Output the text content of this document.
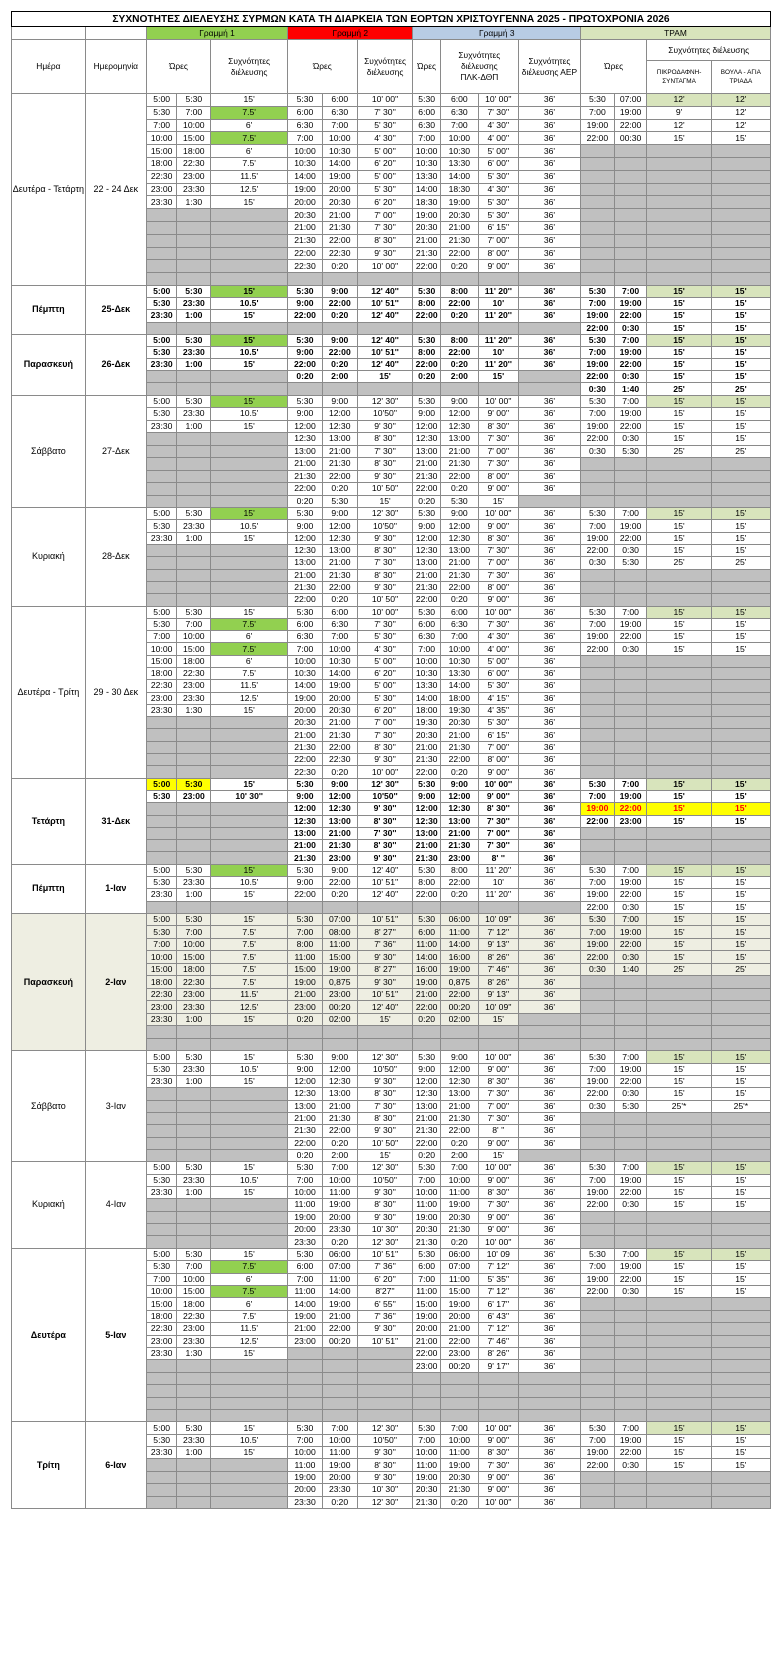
ΣΥΧΝΟΤΗΤΕΣ ΔΙΕΛΕΥΣΗΣ ΣΥΡΜΩΝ ΚΑΤΑ ΤΗ ΔΙΑΡΚΕΙΑ ΤΩΝ ΕΟΡΤΩΝ ΧΡΙΣΤΟΥΓΕΝΝΑ 2025 - ΠΡΩΤΟΧΡΟΝΙΑ 2026															
		Γραμμή 1			Γραμμή 2			Γραμμή 3				ΤΡΑΜ			
Ημέρα	Ημερομηνία	Ώρες		Συχνότητες διέλευσης	Ώρες		Συχνότητες διέλευσης	Ώρες	Συχνότητες διέλευσης
ΠΛΚ-ΔΘΠ		Συχνότητες διέλευσης ΑΕΡ	Ώρες		Συχνότητες διέλευσης	
														ΠΙΚΡΟΔΑΦΝΗ-ΣΥΝΤΑΓΜΑ	ΒΟΥΛΑ - ΑΓΙΑ ΤΡΙΑΔΑ
Δευτέρα - Τετάρτη	22 - 24 Δεκ	5:00	5:30	15'	5:30	6:00	10' 00''	5:30	6:00	10' 00''	36'	5:30	07:00	12'	12'
		5:30	7:00	7.5'	6:00	6:30	7' 30''	6:00	6:30	7' 30''	36'	7:00	19:00	9'	12'
		7:00	10:00	6'	6:30	7:00	5' 30''	6:30	7:00	4' 30''	36'	19:00	22:00	12'	12'
		10:00	15:00	7.5'	7:00	10:00	4' 30''	7:00	10:00	4' 00''	36'	22:00	00:30	15'	15'
		15:00	18:00	6'	10:00	10:30	5' 00''	10:00	10:30	5' 00''	36'				
		18:00	22:30	7.5'	10:30	14:00	6' 20''	10:30	13:30	6' 00''	36'				
		22:30	23:00	11.5'	14:00	19:00	5' 00''	13:30	14:00	5' 30''	36'				
		23:00	23:30	12.5'	19:00	20:00	5' 30''	14:00	18:30	4' 30''	36'				
		23:30	1:30	15'	20:00	20:30	6' 20''	18:30	19:00	5' 30''	36'				
					20:30	21:00	7' 00''	19:00	20:30	5' 30''	36'				
					21:00	21:30	7' 30''	20:30	21:00	6' 15''	36'				
					21:30	22:00	8' 30''	21:00	21:30	7' 00''	36'				
					22:00	22:30	9' 30''	21:30	22:00	8' 00''	36'				
					22:30	0:20	10' 00''	22:00	0:20	9' 00''	36'				

Πέμπτη	25-Δεκ	5:00	5:30	15'	5:30	9:00	12' 40''	5:30	8:00	11' 20''	36'	5:30	7:00	15'	15'
		5:30	23:30	10.5'	9:00	22:00	10' 51''	8:00	22:00	10'	36'	7:00	19:00	15'	15'
		23:30	1:00	15'	22:00	0:20	12' 40''	22:00	0:20	11' 20''	36'	19:00	22:00	15'	15'
												22:00	0:30	15'	15'
Παρασκευή	26-Δεκ	5:00	5:30	15'	5:30	9:00	12' 40''	5:30	8:00	11' 20''	36'	5:30	7:00	15'	15'
		5:30	23:30	10.5'	9:00	22:00	10' 51''	8:00	22:00	10'	36'	7:00	19:00	15'	15'
		23:30	1:00	15'	22:00	0:20	12' 40''	22:00	0:20	11' 20''	36'	19:00	22:00	15'	15'
					0:20	2:00	15'	0:20	2:00	15'		22:00	0:30	15'	15'
												0:30	1:40	25'	25'
Σάββατο	27-Δεκ	5:00	5:30	15'	5:30	9:00	12' 30''	5:30	9:00	10' 00''	36'	5:30	7:00	15'	15'
		5:30	23:30	10.5'	9:00	12:00	10'50''	9:00	12:00	9' 00''	36'	7:00	19:00	15'	15'
		23:30	1:00	15'	12:00	12:30	9' 30''	12:00	12:30	8' 30''	36'	19:00	22:00	15'	15'
					12:30	13:00	8' 30''	12:30	13:00	7' 30''	36'	22:00	0:30	15'	15'
					13:00	21:00	7' 30''	13:00	21:00	7' 00''	36'	0:30	5:30	25'	25'
					21:00	21:30	8' 30''	21:00	21:30	7' 30''	36'				
					21:30	22:00	9' 30''	21:30	22:00	8' 00''	36'				
					22:00	0:20	10' 50''	22:00	0:20	9' 00''	36'				
					0:20	5:30	15'	0:20	5:30	15'					
Κυριακή	28-Δεκ	5:00	5:30	15'	5:30	9:00	12' 30''	5:30	9:00	10' 00''	36'	5:30	7:00	15'	15'
		5:30	23:30	10.5'	9:00	12:00	10'50''	9:00	12:00	9' 00''	36'	7:00	19:00	15'	15'
		23:30	1:00	15'	12:00	12:30	9' 30''	12:00	12:30	8' 30''	36'	19:00	22:00	15'	15'
					12:30	13:00	8' 30''	12:30	13:00	7' 30''	36'	22:00	0:30	15'	15'
					13:00	21:00	7' 30''	13:00	21:00	7' 00''	36'	0:30	5:30	25'	25'
					21:00	21:30	8' 30''	21:00	21:30	7' 30''	36'				
					21:30	22:00	9' 30''	21:30	22:00	8' 00''	36'				
					22:00	0:20	10' 50''	22:00	0:20	9' 00''	36'				
Δευτέρα - Τρίτη	29 - 30 Δεκ	5:00	5:30	15'	5:30	6:00	10' 00''	5:30	6:00	10' 00''	36'	5:30	7:00	15'	15'
		5:30	7:00	7.5'	6:00	6:30	7' 30''	6:00	6:30	7' 30''	36'	7:00	19:00	15'	15'
		7:00	10:00	6'	6:30	7:00	5' 30''	6:30	7:00	4' 30''	36'	19:00	22:00	15'	15'
		10:00	15:00	7.5'	7:00	10:00	4' 30''	7:00	10:00	4' 00''	36'	22:00	0:30	15'	15'
		15:00	18:00	6'	10:00	10:30	5' 00''	10:00	10:30	5' 00''	36'				
		18:00	22:30	7.5'	10:30	14:00	6' 20''	10:30	13:30	6' 00''	36'				
		22:30	23:00	11.5'	14:00	19:00	5' 00''	13:30	14:00	5' 30''	36'				
		23:00	23:30	12.5'	19:00	20:00	5' 30''	14:00	18:00	4' 15''	36'				
		23:30	1:30	15'	20:00	20:30	6' 20''	18:00	19:30	4' 35''	36'				
					20:30	21:00	7' 00''	19:30	20:30	5' 30''	36'				
					21:00	21:30	7' 30''	20:30	21:00	6' 15''	36'				
					21:30	22:00	8' 30''	21:00	21:30	7' 00''	36'				
					22:00	22:30	9' 30''	21:30	22:00	8' 00''	36'				
					22:30	0:20	10' 00''	22:00	0:20	9' 00''	36'				
Τετάρτη	31-Δεκ	5:00	5:30	15'	5:30	9:00	12' 30''	5:30	9:00	10' 00''	36'	5:30	7:00	15'	15'
		5:30	23:00	10' 30''	9:00	12:00	10'50''	9:00	12:00	9' 00''	36'	7:00	19:00	15'	15'
					12:00	12:30	9' 30''	12:00	12:30	8' 30''	36'	19:00	22:00	15'	15'
					12:30	13:00	8' 30''	12:30	13:00	7' 30''	36'	22:00	23:00	15'	15'
					13:00	21:00	7' 30''	13:00	21:00	7' 00''	36'				
					21:00	21:30	8' 30''	21:00	21:30	7' 30''	36'				
					21:30	23:00	9' 30''	21:30	23:00	8' ''	36'				
Πέμπτη	1-Ιαν	5:00	5:30	15'	5:30	9:00	12' 40''	5:30	8:00	11' 20''	36'	5:30	7:00	15'	15'
		5:30	23:30	10.5'	9:00	22:00	10' 51''	8:00	22:00	10'	36'	7:00	19:00	15'	15'
		23:30	1:00	15'	22:00	0:20	12' 40''	22:00	0:20	11' 20''	36'	19:00	22:00	15'	15'
												22:00	0:30	15'	15'
Παρασκευή	2-Ιαν	5:00	5:30	15'	5:30	07:00	10' 51''	5:30	06:00	10' 09''	36'	5:30	7:00	15'	15'
		5:30	7:00	7.5'	7:00	08:00	8' 27''	6:00	11:00	7' 12''	36'	7:00	19:00	15'	15'
		7:00	10:00	7.5'	8:00	11:00	7' 36''	11:00	14:00	9' 13''	36'	19:00	22:00	15'	15'
		10:00	15:00	7.5'	11:00	15:00	9' 30''	14:00	16:00	8' 26''	36'	22:00	0:30	15'	15'
		15:00	18:00	7.5'	15:00	19:00	8' 27''	16:00	19:00	7' 46''	36'	0:30	1:40	25'	25'
		18:00	22:30	7.5'	19:00	0,875	9' 30''	19:00	0,875	8' 26''	36'				
		22:30	23:00	11.5'	21:00	23:00	10' 51''	21:00	22:00	9' 13''	36'				
		23:00	23:30	12.5'	23:00	00:20	12' 40''	22:00	00:20	10' 09''	36'				
		23:30	1:00	15'	0:20	02:00	15'	0:20	02:00	15'					

Σάββατο	3-Ιαν	5:00	5:30	15'	5:30	9:00	12' 30''	5:30	9:00	10' 00''	36'	5:30	7:00	15'	15'
		5:30	23:30	10.5'	9:00	12:00	10'50''	9:00	12:00	9' 00''	36'	7:00	19:00	15'	15'
		23:30	1:00	15'	12:00	12:30	9' 30''	12:00	12:30	8' 30''	36'	19:00	22:00	15'	15'
					12:30	13:00	8' 30''	12:30	13:00	7' 30''	36'	22:00	0:30	15'	15'
					13:00	21:00	7' 30''	13:00	21:00	7' 00''	36'	0:30	5:30	25'*	25'*
					21:00	21:30	8' 30''	21:00	21:30	7' 30''	36'				
					21:30	22:00	9' 30''	21:30	22:00	8' ''	36'				
					22:00	0:20	10' 50''	22:00	0:20	9' 00''	36'				
					0:20	2:00	15'	0:20	2:00	15'					
Κυριακή	4-Ιαν	5:00	5:30	15'	5:30	7:00	12' 30''	5:30	7:00	10' 00''	36'	5:30	7:00	15'	15'
		5:30	23:30	10.5'	7:00	10:00	10'50''	7:00	10:00	9' 00''	36'	7:00	19:00	15'	15'
		23:30	1:00	15'	10:00	11:00	9' 30''	10:00	11:00	8' 30''	36'	19:00	22:00	15'	15'
					11:00	19:00	8' 30''	11:00	19:00	7' 30''	36'	22:00	0:30	15'	15'
					19:00	20:00	9' 30''	19:00	20:30	9' 00''	36'				
					20:00	23:30	10' 30''	20:30	21:30	9' 00''	36'				
					23:30	0:20	12' 30''	21:30	0:20	10' 00''	36'				
Δευτέρα	5-Ιαν	5:00	5:30	15'	5:30	06:00	10' 51''	5:30	06:00	10' 09	36'	5:30	7:00	15'	15'
		5:30	7:00	7.5'	6:00	07:00	7' 36''	6:00	07:00	7' 12''	36'	7:00	19:00	15'	15'
		7:00	10:00	6'	7:00	11:00	6' 20''	7:00	11:00	5' 35''	36'	19:00	22:00	15'	15'
		10:00	15:00	7.5'	11:00	14:00	8'27''	11:00	15:00	7' 12''	36'	22:00	0:30	15'	15'
		15:00	18:00	6'	14:00	19:00	6' 55''	15:00	19:00	6' 17''	36'				
		18:00	22:30	7.5'	19:00	21:00	7' 36''	19:00	20:00	6' 43''	36'				
		22:30	23:00	11.5'	21:00	22:00	9' 30''	20:00	21:00	7' 12''	36'				
		23:00	23:30	12.5'	23:00	00:20	10' 51''	21:00	22:00	7' 46''	36'				
		23:30	1:30	15'				22:00	23:00	8' 26''	36'				
								23:00	00:20	9' 17''	36'				

Τρίτη	6-Ιαν	5:00	5:30	15'	5:30	7:00	12' 30''	5:30	7:00	10' 00''	36'	5:30	7:00	15'	15'
		5:30	23:30	10.5'	7:00	10:00	10'50''	7:00	10:00	9' 00''	36'	7:00	19:00	15'	15'
		23:30	1:00	15'	10:00	11:00	9' 30''	10:00	11:00	8' 30''	36'	19:00	22:00	15'	15'
					11:00	19:00	8' 30''	11:00	19:00	7' 30''	36'	22:00	0:30	15'	15'
					19:00	20:00	9' 30''	19:00	20:30	9' 00''	36'				
					20:00	23:30	10' 30''	20:30	21:30	9' 00''	36'				
					23:30	0:20	12' 30''	21:30	0:20	10' 00''	36'				
